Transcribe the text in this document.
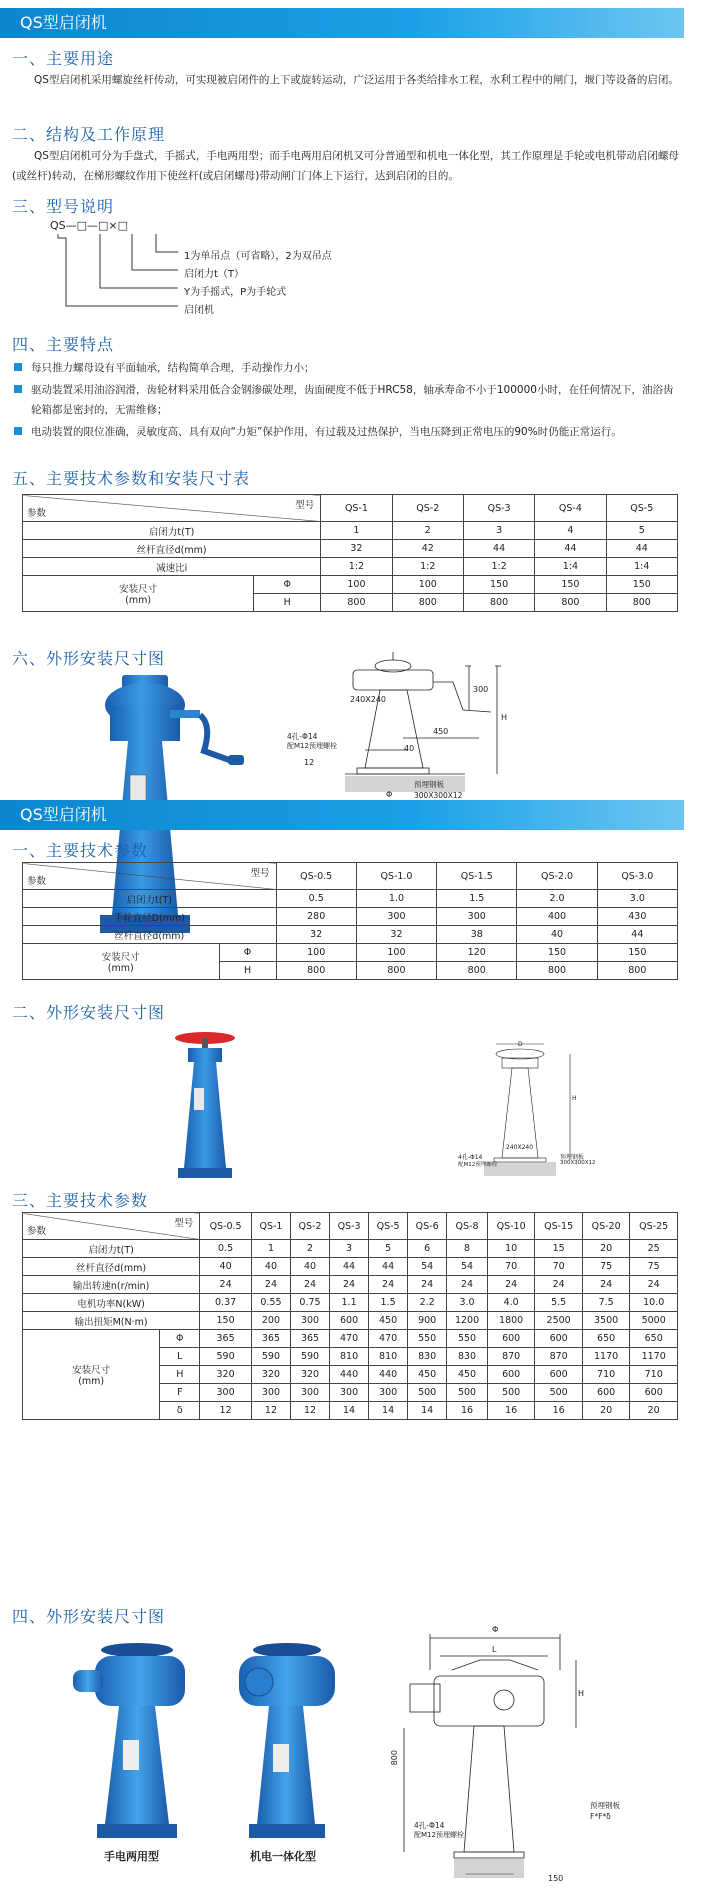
QS型启闭机
一、主要用途
QS型启闭机采用螺旋丝杆传动，可实现被启闭件的上下或旋转运动，广泛运用于各类给排水工程，水利工程中的闸门，堰门等设备的启闭。
二、结构及工作原理
QS型启闭机可分为手盘式，手摇式，手电两用型；而手电两用启闭机又可分普通型和机电一体化型，其工作原理是手轮或电机带动启闭螺母(或丝杆)转动，在梯形螺纹作用下使丝杆(或启闭螺母)带动闸门门体上下运行，达到启闭的目的。
三、型号说明
QS—□—□×□
1为单吊点（可省略），2为双吊点
启闭力t（T）
Y为手摇式，P为手轮式
启闭机
四、主要特点
每只推力螺母设有平面轴承，结构简单合理，手动操作力小；
驱动装置采用油浴润滑，齿轮材料采用低合金钢渗碳处理，齿面硬度不低于HRC58，轴承寿命不小于100000小时，在任何情况下，油浴齿轮箱都是密封的，无需维修；
电动装置的限位准确，灵敏度高、具有双向“力矩”保护作用，有过载及过热保护，当电压降到正常电压的90%时仍能正常运行。
五、主要技术参数和安装尺寸表
型号
参数		QS-1	QS-2	QS-3	QS-4	QS-5
启闭力t(T)		1	2	3	4	5
丝杆直径d(mm)		32	42	44	44	44
减速比i		1:2	1:2	1:2	1:4	1:4
安装尺寸
(mm)	Φ	100	100	150	150	150
	H	800	800	800	800	800
六、外形安装尺寸图
300
H
450
240X240
4孔-Φ14
配M12预埋螺栓
12
40
Φ
预埋钢板
300X300X12
QS型启闭机
一、主要技术参数
型号
参数		QS-0.5	QS-1.0	QS-1.5	QS-2.0	QS-3.0
启闭力t(T)		0.5	1.0	1.5	2.0	3.0
手轮直径D(mm)		280	300	300	400	430
丝杆直径d(mm)		32	32	38	40	44
安装尺寸
(mm)	Φ	100	100	120	150	150
	H	800	800	800	800	800
二、外形安装尺寸图
D
H
4孔-Φ14
配M12预埋螺栓
240X240
预埋钢板
300X300X12
三、主要技术参数
型号
参数		QS-0.5	QS-1	QS-2	QS-3	QS-5	QS-6	QS-8	QS-10	QS-15	QS-20	QS-25
启闭力t(T)		0.5	1	2	3	5	6	8	10	15	20	25
丝杆直径d(mm)		40	40	40	44	44	54	54	70	70	75	75
输出转速n(r/min)		24	24	24	24	24	24	24	24	24	24	24
电机功率N(kW)		0.37	0.55	0.75	1.1	1.5	2.2	3.0	4.0	5.5	7.5	10.0
输出扭矩M(N·m)		150	200	300	600	450	900	1200	1800	2500	3500	5000
安装尺寸
(mm)	Φ	365	365	365	470	470	550	550	600	600	650	650
	L	590	590	590	810	810	830	830	870	870	1170	1170
	H	320	320	320	440	440	450	450	600	600	710	710
	F	300	300	300	300	300	500	500	500	500	600	600
	δ	12	12	12	14	14	14	16	16	16	20	20
四、外形安装尺寸图
手电两用型	机电一体化型
Φ
L
H
800
4孔-Φ14
配M12预埋螺栓
预埋钢板
F*F*δ
150
